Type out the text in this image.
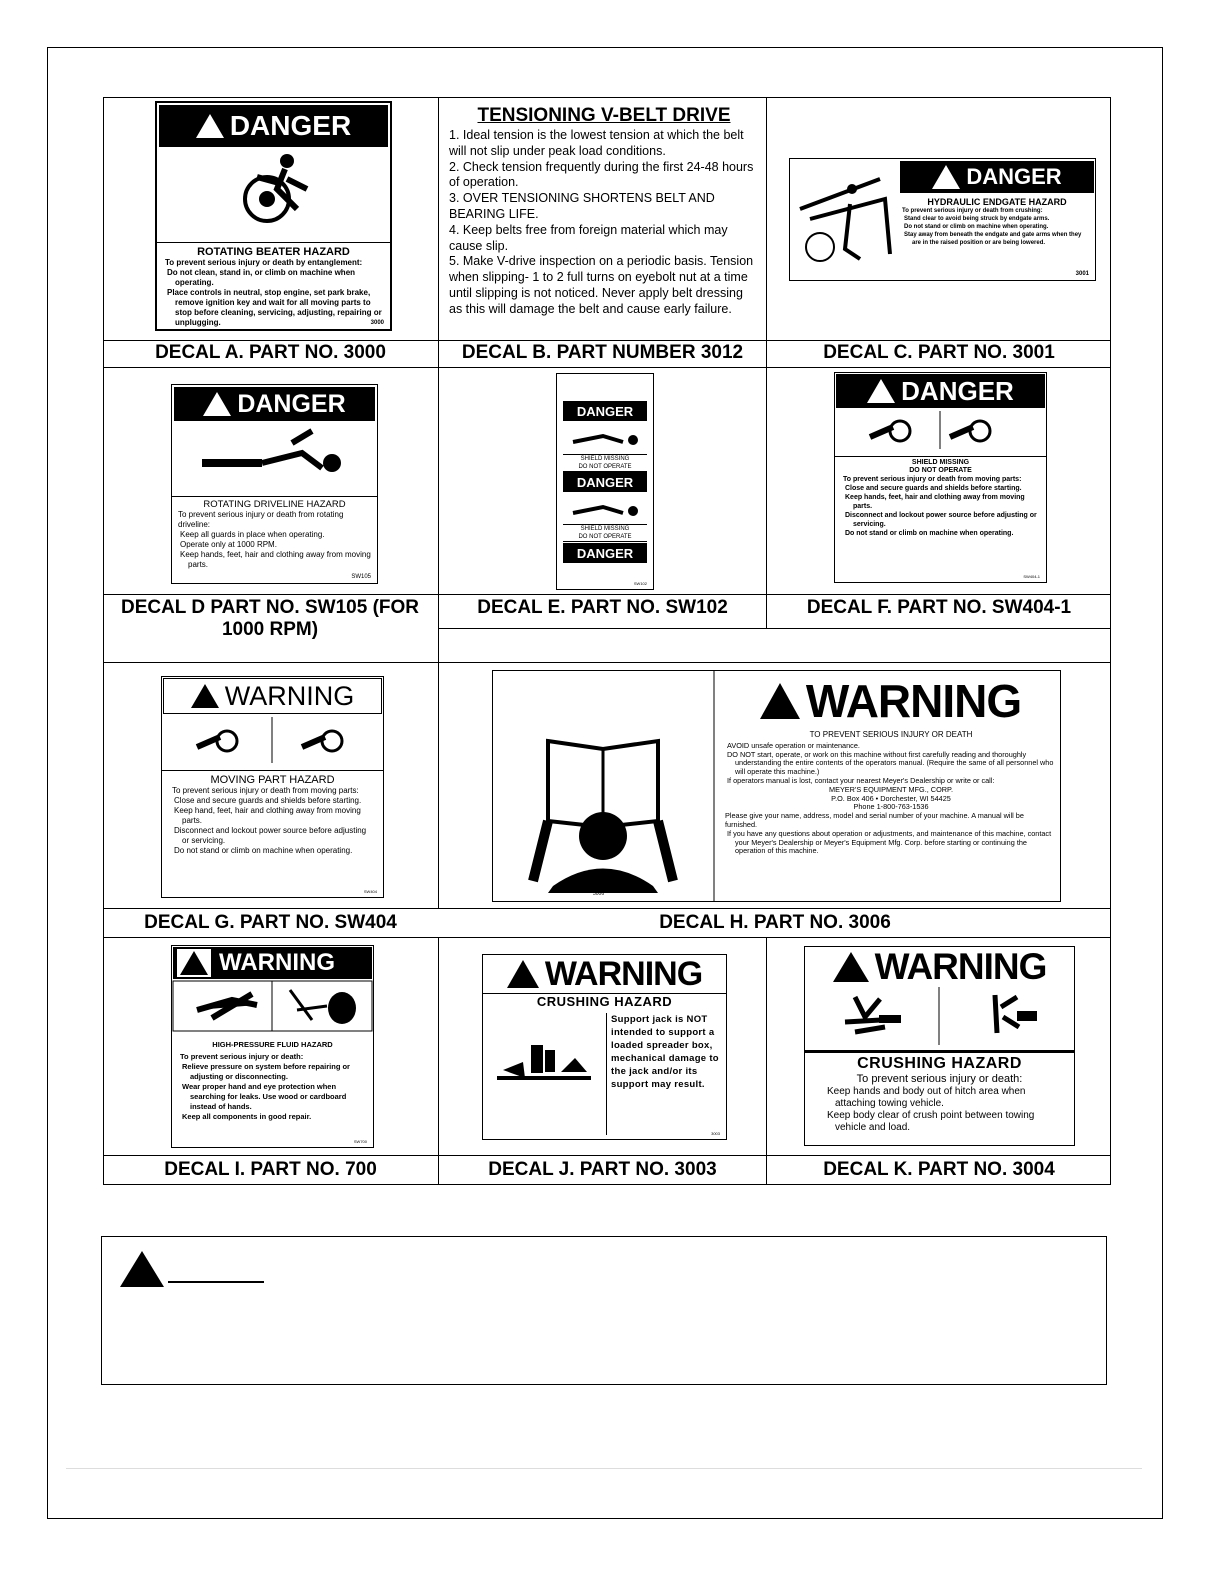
!
DANGER
ROTATING BEATER HAZARD
To prevent serious injury or death by entanglement:
Do not clean, stand in, or climb on machine when operating.
Place controls in neutral, stop engine, set park brake, remove ignition key and wait for all moving parts to stop before cleaning, servicing, adjusting, repairing or unplugging.	3000
DECAL A. PART NO. 3000
TENSIONING V-BELT DRIVE

1. Ideal tension is the lowest tension at which the belt will not slip under peak load conditions.

2. Check tension frequently during the first 24-48 hours of operation.

3. OVER TENSIONING SHORTENS BELT AND BEARING LIFE.

4. Keep belts free from foreign material which may cause slip.

5. Make V-drive inspection on a periodic basis. Tension when slipping- 1 to 2 full turns on eyebolt nut at a time until slipping is not noticed. Never apply belt dressing as this will damage the belt and cause early failure.

DECAL B. PART NUMBER 3012
!
DANGER
HYDRAULIC ENDGATE HAZARD
To prevent serious injury or death from crushing:
Stand clear to avoid being struck by endgate arms.
Do not stand or climb on machine when operating.
Stay away from beneath the endgate and gate arms when they are in the raised position or are being lowered.
3001
DECAL C. PART NO. 3001
!
DANGER
ROTATING DRIVELINE HAZARD
To prevent serious injury or death from rotating driveline:
Keep all guards in place when operating.
Operate only at 1000 RPM.
Keep hands, feet, hair and clothing away from moving parts.
SW105
DECAL D PART NO. SW105 (FOR 1000 RPM)
DANGER
SHIELD MISSING
DO NOT OPERATE
DANGER
SHIELD MISSING
DO NOT OPERATE
DANGER
SW102
DECAL E. PART NO. SW102
!
DANGER
SHIELD MISSING
DO NOT OPERATE
To prevent serious injury or death from moving parts:
Close and secure guards and shields before starting.
Keep hands, feet, hair and clothing away from moving parts.
Disconnect and lockout power source before adjusting or servicing.
Do not stand or climb on machine when operating.
SW404-1
DECAL F. PART NO. SW404-1
!
WARNING
MOVING PART HAZARD
To prevent serious injury or death from moving parts:
Close and secure guards and shields before starting.
Keep hand, feet, hair and clothing away from moving parts.
Disconnect and lockout power source before adjusting or servicing.
Do not stand or climb on machine when operating.
SW404
DECAL G. PART NO. SW404
3006
!
WARNING
TO PREVENT SERIOUS INJURY OR DEATH
AVOID unsafe operation or maintenance.
DO NOT start, operate, or work on this machine without first carefully reading and thoroughly understanding the entire contents of the operators manual. (Require the same of all personnel who will operate this machine.)
If operators manual is lost, contact your nearest Meyer's Dealership or write or call:
MEYER'S EQUIPMENT MFG., CORP.
P.O. Box 406 • Dorchester, WI 54425
Phone 1-800-763-1536
Please give your name, address, model and serial number of your machine. A manual will be furnished.
If you have any questions about operation or adjustments, and maintenance of this machine, contact your Meyer's Dealership or Meyer's Equipment Mfg. Corp. before starting or continuing the operation of this machine.
DECAL H. PART NO. 3006
!
WARNING
HIGH-PRESSURE FLUID HAZARD
To prevent serious injury or death:
Relieve pressure on system before repairing or adjusting or disconnecting.
Wear proper hand and eye protection when searching for leaks. Use wood or cardboard instead of hands.
Keep all components in good repair.
SW700
DECAL I. PART NO. 700
!
WARNING
CRUSHING HAZARD
Support jack is NOT intended to support a loaded spreader box, mechanical damage to the jack and/or its support may result.
3003
DECAL J. PART NO. 3003
!
WARNING
CRUSHING HAZARD
To prevent serious injury or death:
Keep hands and body out of hitch area when attaching towing vehicle.
Keep body clear of crush point between towing vehicle and load.
DECAL K. PART NO. 3004
!
